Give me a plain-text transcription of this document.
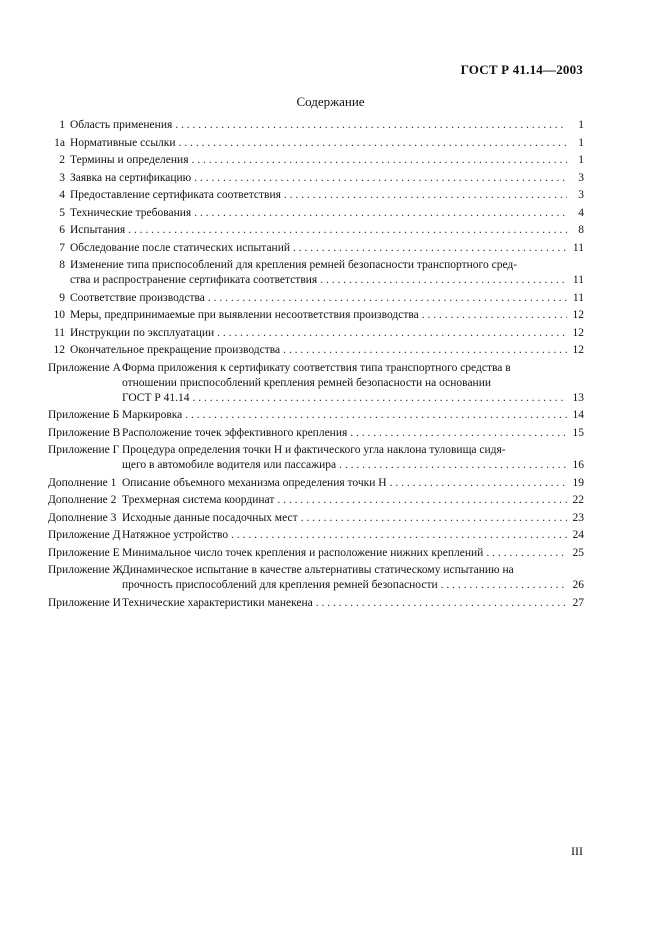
ГОСТ Р 41.14—2003
Содержание
1 Область применения . . .	1
1а Нормативные ссылки . . .	1
2 Термины и определения . . .	1
3 Заявка на сертификацию . . .	3
4 Предоставление сертификата соответствия . . .	3
5 Технические требования . . .	4
6 Испытания . . .	8
7 Обследование после статических испытаний . . .	11
8 Изменение типа приспособлений для крепления ремней безопасности транспортного сред-
ства и распространение сертификата соответствия . . .	11
9 Соответствие производства . . .	11
10 Меры, предпринимаемые при выявлении несоответствия производства . . .	12
11 Инструкции по эксплуатации . . .	12
12 Окончательное прекращение производства . . .	12
Приложение А Форма приложения к сертификату соответствия типа транспортного средства в
отношении приспособлений крепления ремней безопасности на основании
ГОСТ Р 41.14 . . .	13
Приложение Б Маркировка . . .	14
Приложение В Расположение точек эффективного крепления . . .	15
Приложение Г Процедура определения точки Н и фактического угла наклона туловища сидя-
щего в автомобиле водителя или пассажира . . .	16
Дополнение 1 Описание объемного механизма определения точки Н . . .	19
Дополнение 2 Трехмерная система координат . . .	22
Дополнение 3 Исходные данные посадочных мест . . .	23
Приложение Д Натяжное устройство . . .	24
Приложение Е Минимальное число точек крепления и расположение нижних креплений . . .	25
Приложение Ж Динамическое испытание в качестве альтернативы статическому испытанию на
прочность приспособлений для крепления ремней безопасности . . .	26
Приложение И Технические характеристики манекена . . .	27
III
